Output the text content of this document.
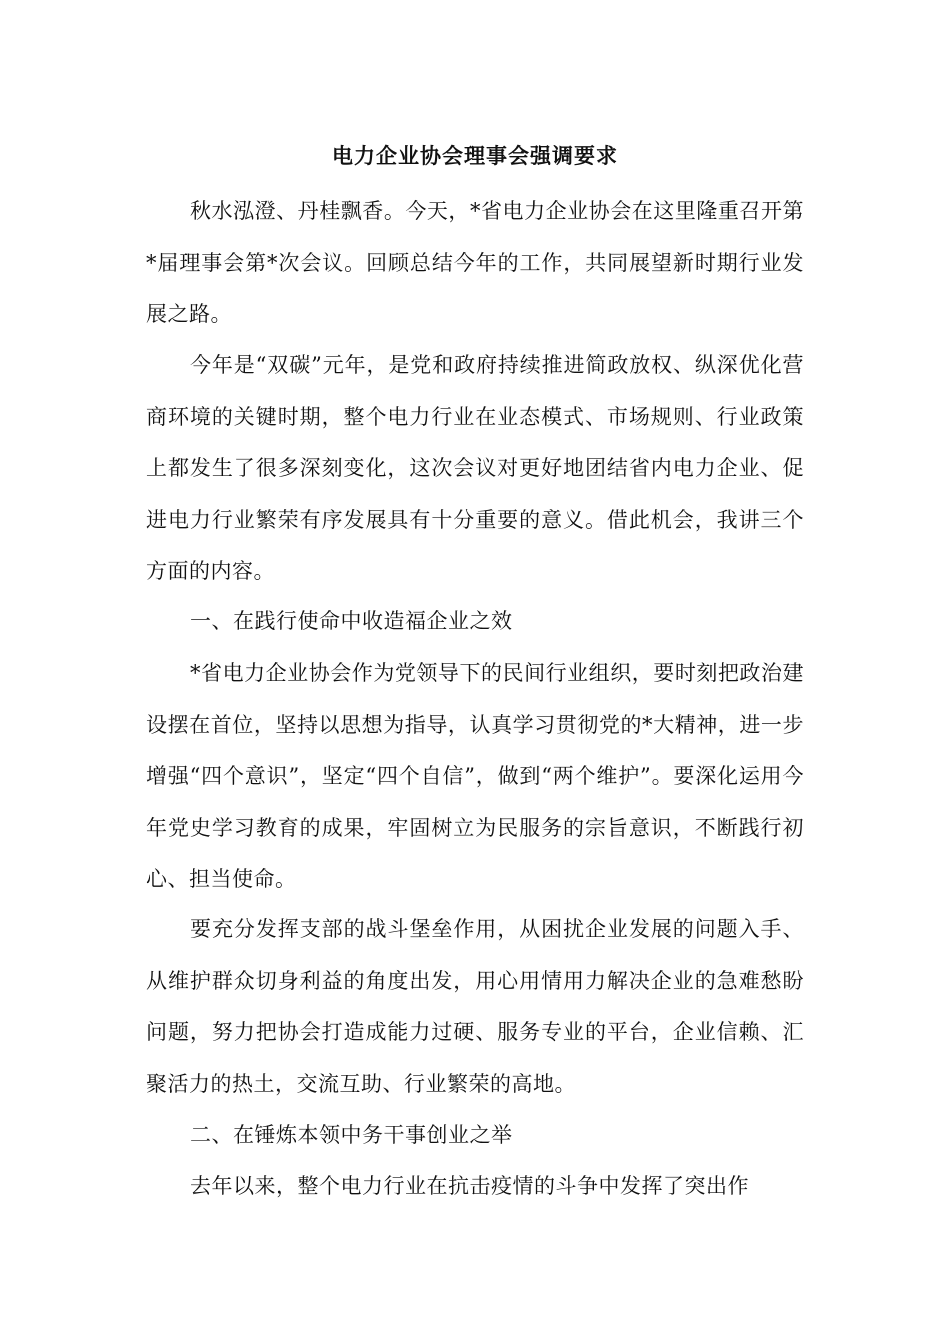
电力企业协会理事会强调要求

秋水泓澄、丹桂飘香。今天，*省电力企业协会在这里隆重召开第*届理事会第*次会议。回顾总结今年的工作，共同展望新时期行业发展之路。

今年是“双碳”元年，是党和政府持续推进简政放权、纵深优化营商环境的关键时期，整个电力行业在业态模式、市场规则、行业政策上都发生了很多深刻变化，这次会议对更好地团结省内电力企业、促进电力行业繁荣有序发展具有十分重要的意义。借此机会，我讲三个方面的内容。

一、在践行使命中收造福企业之效

*省电力企业协会作为党领导下的民间行业组织，要时刻把政治建设摆在首位，坚持以思想为指导，认真学习贯彻党的*大精神，进一步增强“四个意识”，坚定“四个自信”，做到“两个维护”。要深化运用今年党史学习教育的成果，牢固树立为民服务的宗旨意识，不断践行初心、担当使命。

要充分发挥支部的战斗堡垒作用，从困扰企业发展的问题入手、从维护群众切身利益的角度出发，用心用情用力解决企业的急难愁盼问题，努力把协会打造成能力过硬、服务专业的平台，企业信赖、汇聚活力的热土，交流互助、行业繁荣的高地。

二、在锤炼本领中务干事创业之举

去年以来，整个电力行业在抗击疫情的斗争中发挥了突出作
